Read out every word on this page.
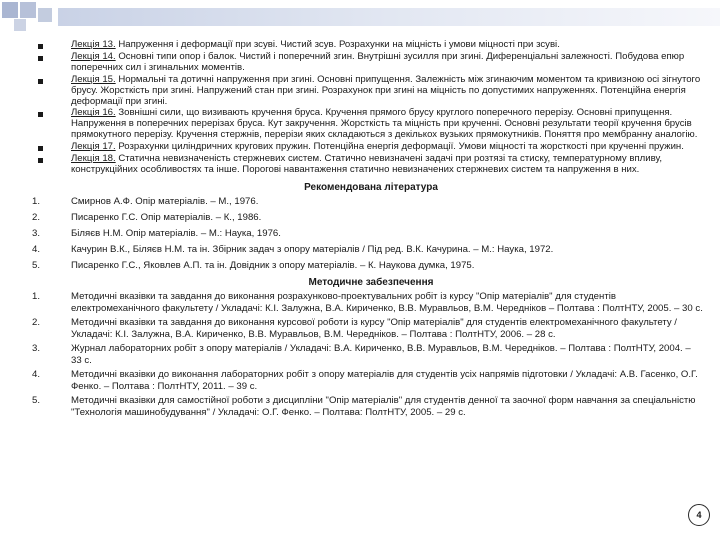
Лекція 13. Напруження і деформації при зсуві. Чистий зсув. Розрахунки на міцність і умови міцності при зсуві.
Лекція 14. Основні типи опор і балок. Чистий і поперечний згин. Внутрішні зусилля при згині. Диференціальні залежності. Побудова епюр поперечних сил і згинальних моментів.
Лекція 15. Нормальні та дотичні напруження при згині. Основні припущення. Залежність між згинаючим моментом та кривизною осі зігнутого брусу. Жорсткість при згині. Напружений стан при згині. Розрахунок при згині на міцність по допустимих напруженнях. Потенційна енергія деформації при згині.
Лекція 16. Зовнішні сили, що визивають кручення бруса. Кручення прямого брусу круглого поперечного перерізу. Основні припущення. Напруження в поперечних перерізах бруса. Кут закручення. Жорсткість та міцність при крученні. Основні результати теорії кручення брусів прямокутного перерізу. Кручення стержнів, перерізи яких складаються з декількох вузьких прямокутників. Поняття про мембранну аналогію.
Лекція 17. Розрахунки циліндричних кругових пружин. Потенційна енергія деформації. Умови міцності та жорсткості при крученні пружин.
Лекція 18. Статична невизначеність стержневих систем. Статично невизначені задачі при розтязі та стиску, температурному впливу, конструкційних особливостях та інше. Порогові навантаження статично невизначених стержневих систем та напруження в них.
Рекомендована література
1.	Смирнов А.Ф. Опір матеріалів. – М., 1976.
2.	Писаренко Г.С. Опір матеріалів. – К., 1986.
3.	Біляєв Н.М. Опір матеріалів. – М.: Наука, 1976.
4.	Качурин В.К., Біляєв Н.М. та ін. Збірник задач з опору матеріалів / Під ред. В.К. Качурина. – М.: Наука, 1972.
5.	Писаренко Г.С., Яковлев А.П. та ін. Довідник з опору матеріалів. – К. Наукова думка, 1975.
Методичне забезпечення
1.	Методичні вказівки та завдання до виконання розрахунково-проектувальних робіт із курсу "Опір матеріалів" для студентів електромеханічного факультету / Укладачі: К.І. Залужна, В.А. Кириченко, В.В. Муравльов, В.М. Чередніков – Полтава : ПолтНТУ, 2005. – 30 с.
2.	Методичні вказівки та завдання до виконання курсової роботи із курсу "Опір матеріалів" для студентів електромеханічного факультету / Укладачі: К.І. Залужна, В.А. Кириченко, В.В. Муравльов, В.М. Чередніков. – Полтава : ПолтНТУ, 2006. – 28 с.
3.	Журнал лабораторних робіт з опору матеріалів / Укладачі: В.А. Кириченко, В.В. Муравльов, В.М. Чередніков. – Полтава : ПолтНТУ, 2004. – 33 с.
4.	Методичні вказівки до виконання лабораторних робіт з опору матеріалів для студентів усіх напрямів підготовки / Укладачі: А.В. Гасенко, О.Г. Фенко. – Полтава : ПолтНТУ, 2011. – 39 с.
5.	Методичні вказівки для самостійної роботи з дисципліни "Опір матеріалів" для студентів денної та заочної форм навчання за спеціальністю "Технологія машинобудування" / Укладачі: О.Г. Фенко. – Полтава: ПолтНТУ, 2005. – 29 с.
4
